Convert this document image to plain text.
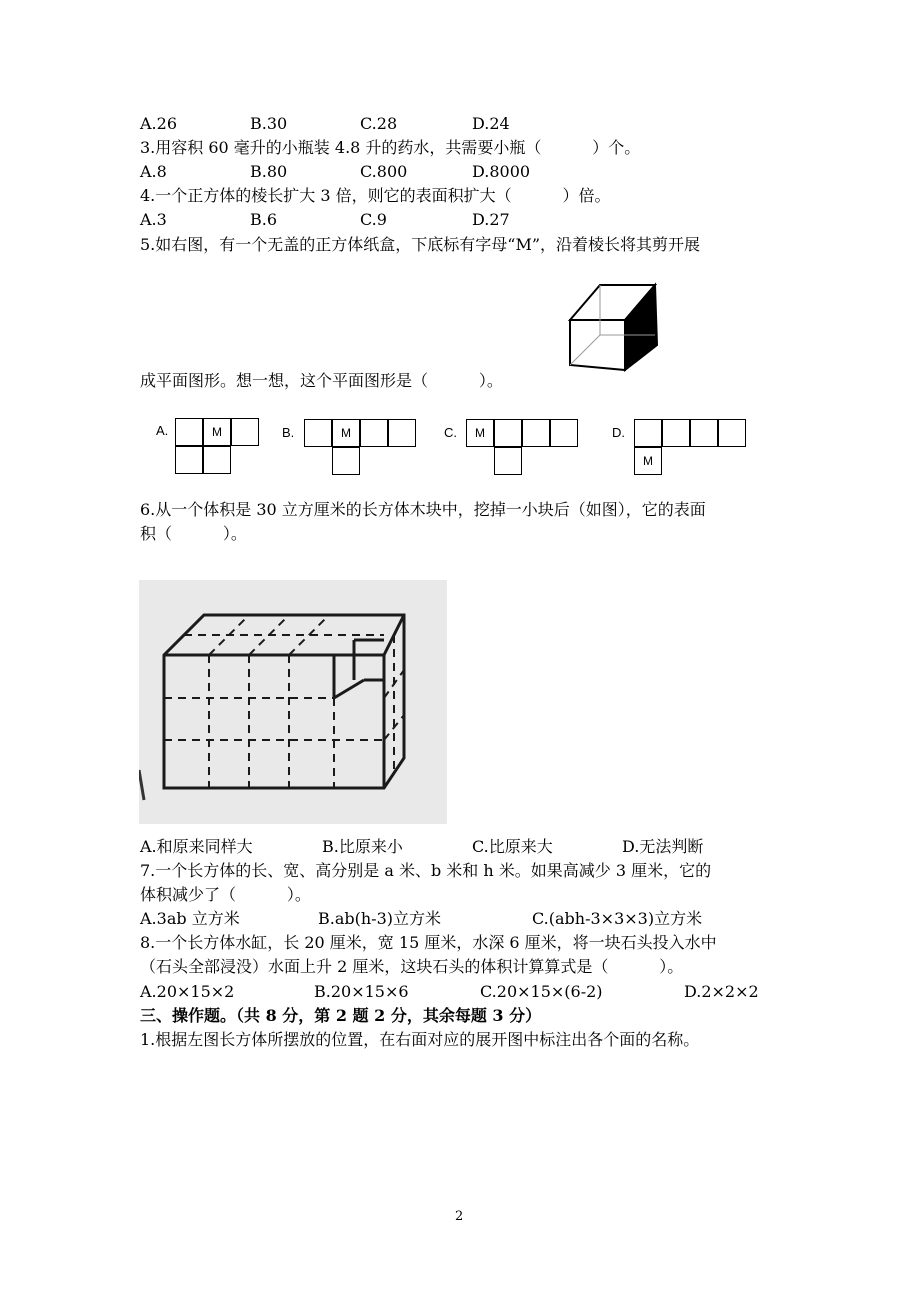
A.26	B.30	C.28	D.24
3.用容积 60 毫升的小瓶装 4.8 升的药水，共需要小瓶（          ）个。
A.8	B.80	C.800	D.8000
4.一个正方体的棱长扩大 3 倍，则它的表面积扩大（          ）倍。
A.3	B.6	C.9	D.27
5.如右图，有一个无盖的正方体纸盒，下底标有字母“M”，沿着棱长将其剪开展
成平面图形。想一想，这个平面图形是（          ）。
A.	M	B.	M	C.	M	D.
M
6.从一个体积是 30 立方厘米的长方体木块中，挖掉一小块后（如图），它的表面
积（          ）。
A.和原来同样大	B.比原来小	C.比原来大	D.无法判断
7.一个长方体的长、宽、高分别是 a 米、b 米和 h 米。如果高减少 3 厘米，它的
体积减少了（          ）。
A.3ab 立方米	B.ab(h-3)立方米	C.(abh-3×3×3)立方米
8.一个长方体水缸，长 20 厘米，宽 15 厘米，水深 6 厘米，将一块石头投入水中
（石头全部浸没）水面上升 2 厘米，这块石头的体积计算算式是（          ）。
A.20×15×2	B.20×15×6	C.20×15×(6-2)	D.2×2×2
三、操作题。（共 8 分，第 2 题 2 分，其余每题 3 分）
1.根据左图长方体所摆放的位置，在右面对应的展开图中标注出各个面的名称。
2
